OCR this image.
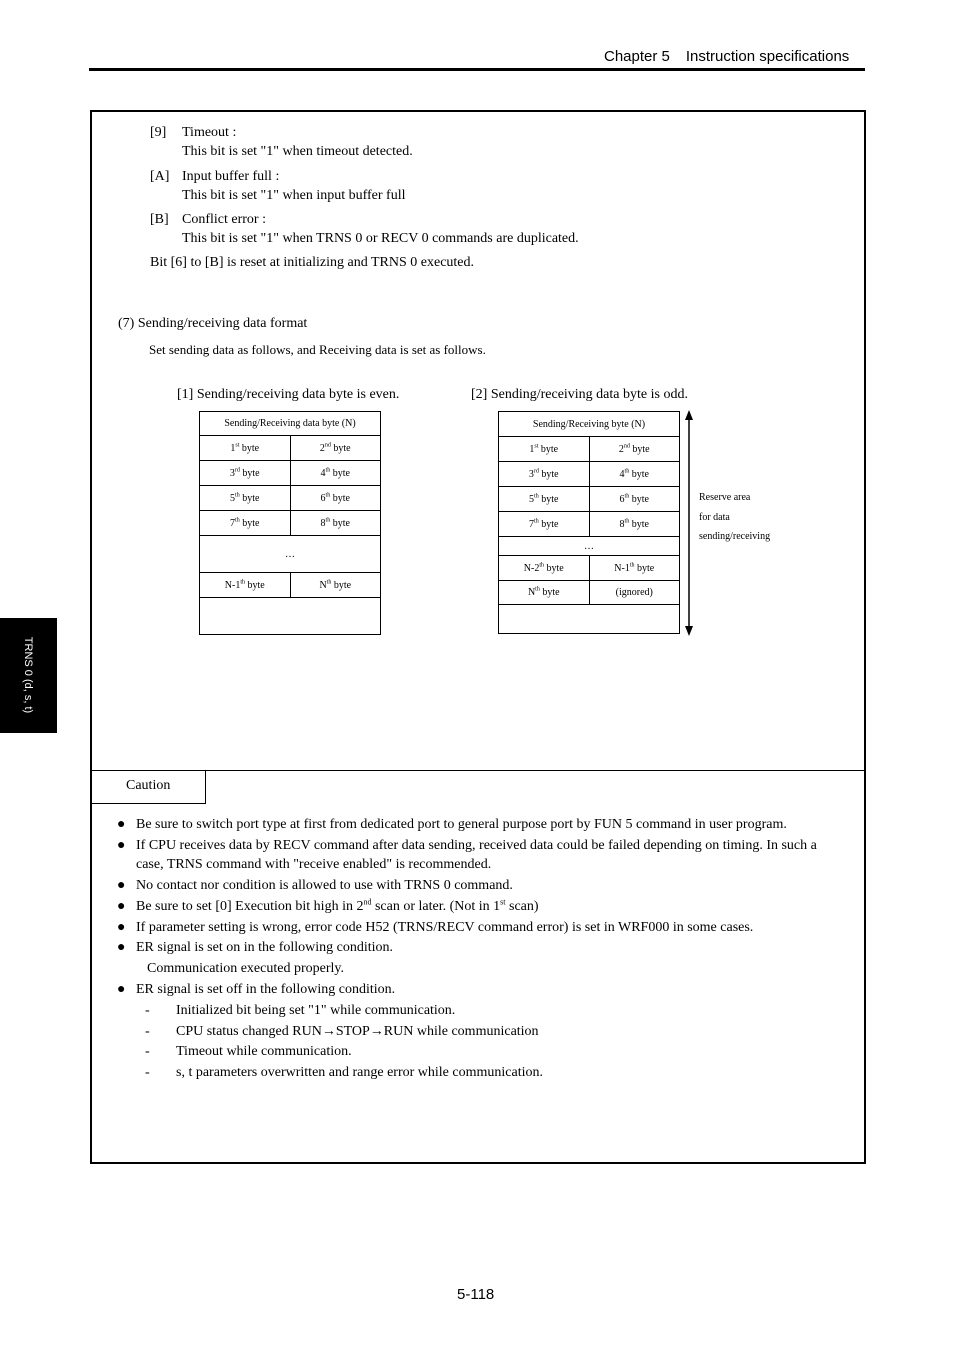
Chapter 5 Instruction specifications
TRNS 0 (d, s, t)
[9] Timeout :
This bit is set "1" when timeout detected.
[A] Input buffer full :
This bit is set "1" when input buffer full
[B] Conflict error :
This bit is set "1" when TRNS 0 or RECV 0 commands are duplicated.
Bit [6] to [B] is reset at initializing and TRNS 0 executed.
(7) Sending/receiving data format
Set sending data as follows, and Receiving data is set as follows.
[1] Sending/receiving data byte is even.	[2] Sending/receiving data byte is odd.
Sending/Receiving data byte (N)	
1st byte	2nd byte
3rd byte	4th byte
5th byte	6th byte
7th byte	8th byte
…	
N-1th byte	$N^{th}$ byte

Sending/Receiving byte (N)	
1st byte	2nd byte
3rd byte	4th byte
5th byte	6th byte
7th byte	8th byte
…	
N-2th byte	N-1th byte
$N^{th}$ byte	(ignored)

Reserve area
for data
sending/receiving
Caution
● Be sure to switch port type at first from dedicated port to general purpose port by FUN 5 command in user program.
● If CPU receives data by RECV command after data sending, received data could be failed depending on timing. In such a
case, TRNS command with "receive enabled" is recommended.
● No contact nor condition is allowed to use with TRNS 0 command.
● Be sure to set [0] Execution bit high in 2nd scan or later. (Not in 1st scan)
● If parameter setting is wrong, error code H52 (TRNS/RECV command error) is set in WRF000 in some cases.
● ER signal is set on in the following condition.
Communication executed properly.
● ER signal is set off in the following condition.
- Initialized bit being set "1" while communication.
- CPU status changed RUN→STOP→RUN while communication
- Timeout while communication.
- s, t parameters overwritten and range error while communication.
5-118
